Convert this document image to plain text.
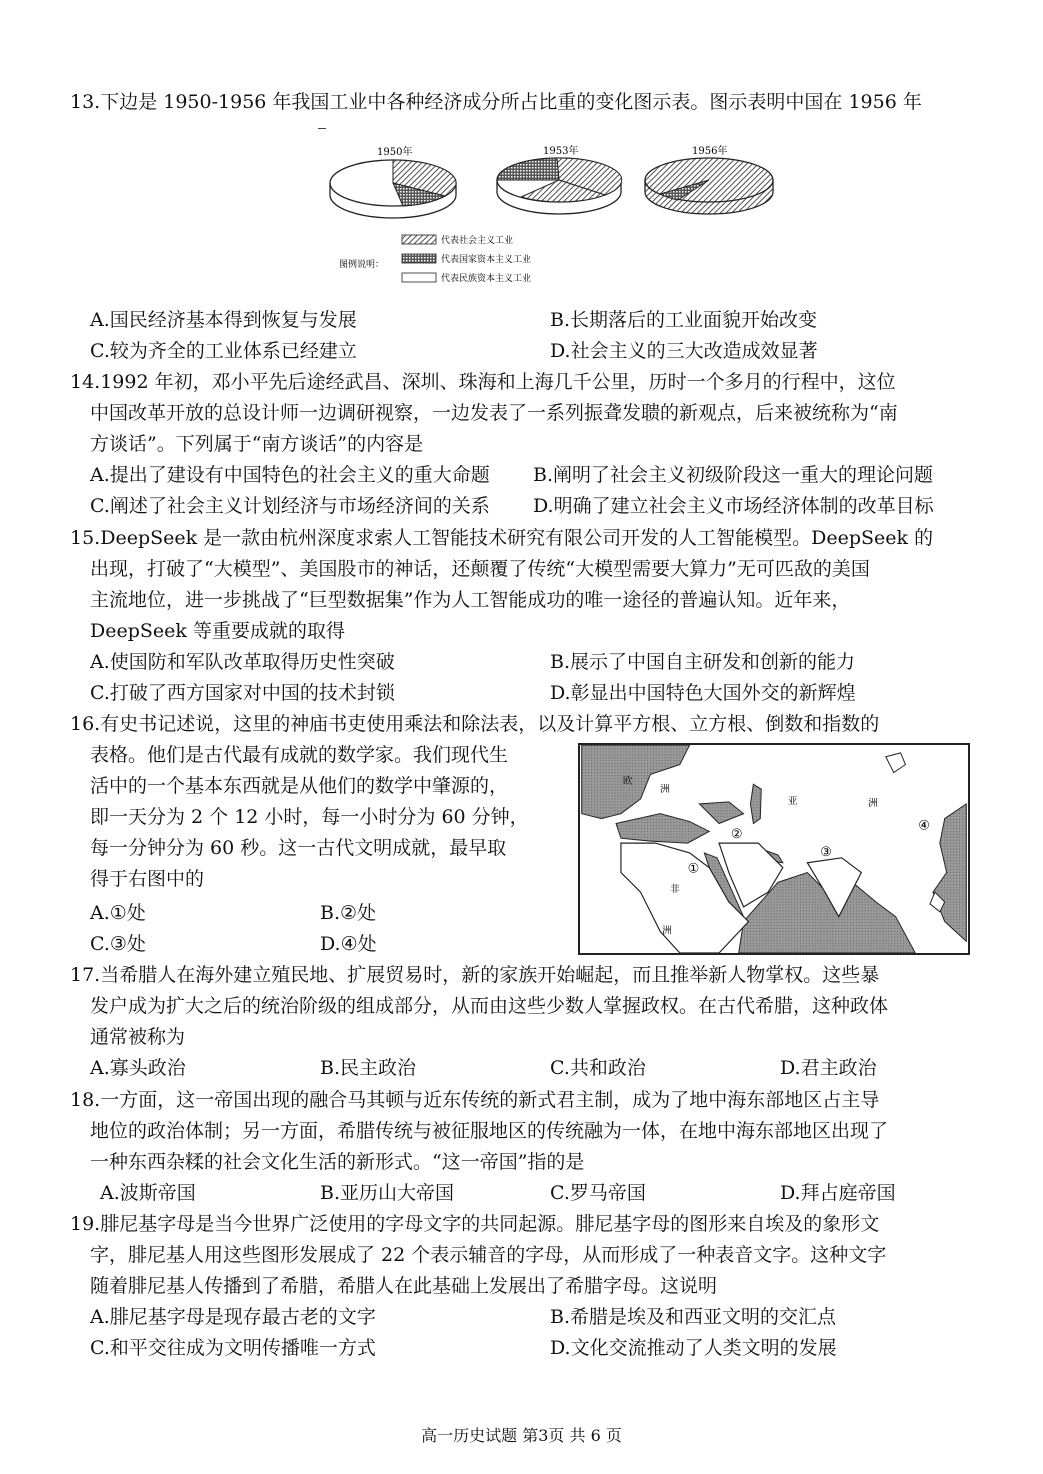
13.下边是 1950-1956 年我国工业中各种经济成分所占比重的变化图示表。图示表明中国在 1956 年
1950年	1953年
图例说明：
代表社会主义工业
代表国家资本主义工业
代表民族资本主义工业
1956年
A.国民经济基本得到恢复与发展	B.长期落后的工业面貌开始改变
C.较为齐全的工业体系已经建立	D.社会主义的三大改造成效显著
14.1992 年初，邓小平先后途经武昌、深圳、珠海和上海几千公里，历时一个多月的行程中，这位
中国改革开放的总设计师一边调研视察，一边发表了一系列振聋发聩的新观点，后来被统称为“南
方谈话”。下列属于“南方谈话”的内容是
A.提出了建设有中国特色的社会主义的重大命题 B.阐明了社会主义初级阶段这一重大的理论问题
C.阐述了社会主义计划经济与市场经济间的关系 D.明确了建立社会主义市场经济体制的改革目标
15.DeepSeek 是一款由杭州深度求索人工智能技术研究有限公司开发的人工智能模型。DeepSeek 的
出现，打破了“大模型”、美国股市的神话，还颠覆了传统“大模型需要大算力”无可匹敌的美国
主流地位，进一步挑战了“巨型数据集”作为人工智能成功的唯一途径的普遍认知。近年来，
DeepSeek 等重要成就的取得
A.使国防和军队改革取得历史性突破	B.展示了中国自主研发和创新的能力
C.打破了西方国家对中国的技术封锁	D.彰显出中国特色大国外交的新辉煌
16.有史书记述说，这里的神庙书吏使用乘法和除法表，以及计算平方根、立方根、倒数和指数的
表格。他们是古代最有成就的数学家。我们现代生
活中的一个基本东西就是从他们的数学中肇源的，
即一天分为 2 个 12 小时，每一小时分为 60 分钟，
每一分钟分为 60 秒。这一古代文明成就，最早取
得于右图中的
A.①处	B.②处
C.③处	D.④处
欧
洲
亚	洲
非
洲
①
②
③
④
17.当希腊人在海外建立殖民地、扩展贸易时，新的家族开始崛起，而且推举新人物掌权。这些暴
发户成为扩大之后的统治阶级的组成部分，从而由这些少数人掌握政权。在古代希腊，这种政体
通常被称为
A.寡头政治	B.民主政治	C.共和政治	D.君主政治
18.一方面，这一帝国出现的融合马其顿与近东传统的新式君主制，成为了地中海东部地区占主导
地位的政治体制；另一方面，希腊传统与被征服地区的传统融为一体，在地中海东部地区出现了
一种东西杂糅的社会文化生活的新形式。“这一帝国”指的是
A.波斯帝国	B.亚历山大帝国	C.罗马帝国	D.拜占庭帝国
19.腓尼基字母是当今世界广泛使用的字母文字的共同起源。腓尼基字母的图形来自埃及的象形文
字，腓尼基人用这些图形发展成了 22 个表示辅音的字母，从而形成了一种表音文字。这种文字
随着腓尼基人传播到了希腊，希腊人在此基础上发展出了希腊字母。这说明
A.腓尼基字母是现存最古老的文字	B.希腊是埃及和西亚文明的交汇点
C.和平交往成为文明传播唯一方式	D.文化交流推动了人类文明的发展
高一历史试题 第3页 共 6 页
